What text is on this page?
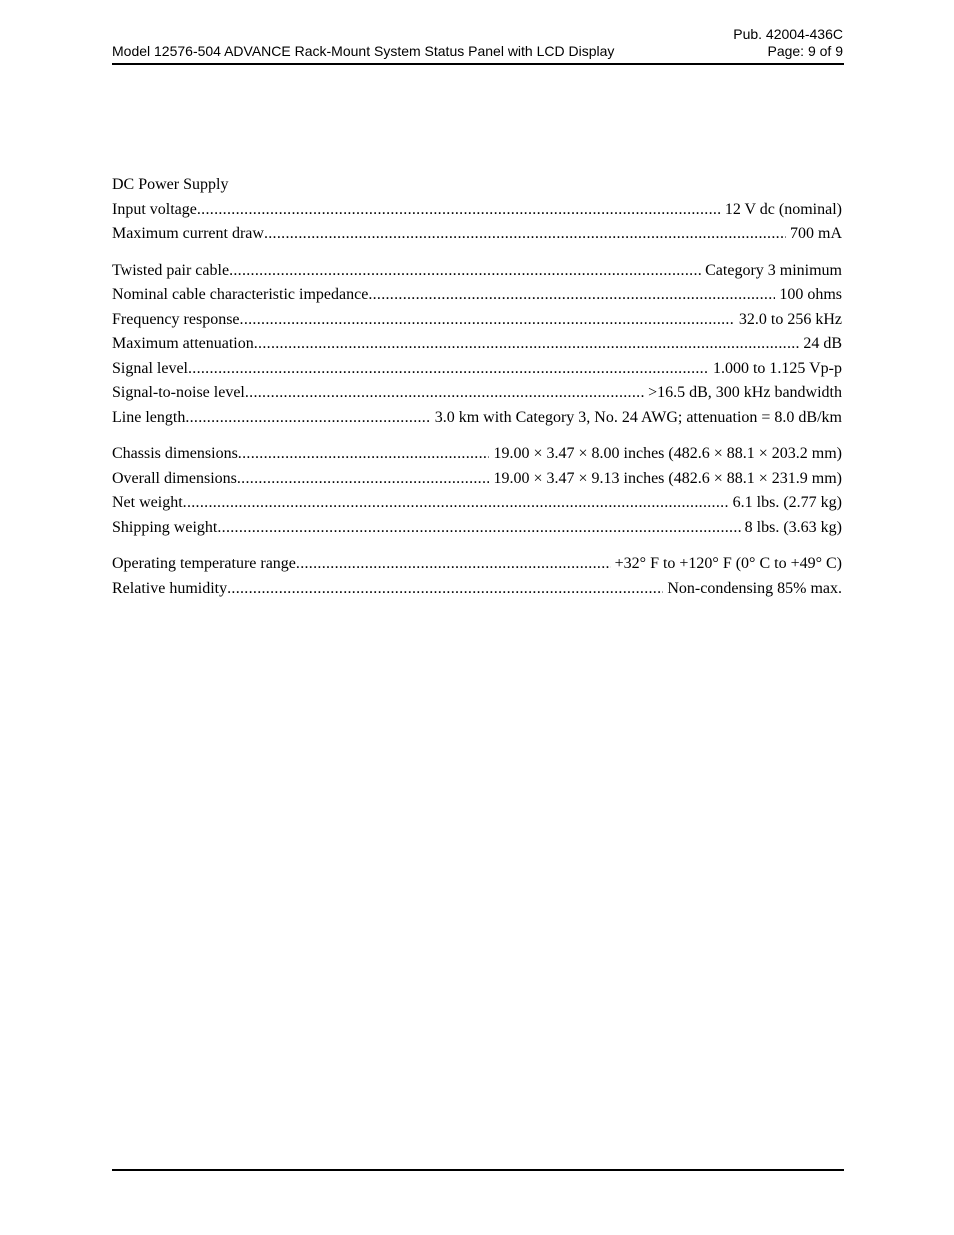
Pub. 42004-436C
Model 12576-504 ADVANCE Rack-Mount System Status Panel with LCD Display	Page: 9 of 9
DC Power Supply
Input voltage .....	12 V dc (nominal)
Maximum current draw .....	700 mA
Twisted pair cable .....	Category 3 minimum
Nominal cable characteristic impedance .....	100 ohms
Frequency response .....	32.0 to 256 kHz
Maximum attenuation .....	24 dB
Signal level .....	1.000 to 1.125 Vp-p
Signal-to-noise level .....	>16.5 dB, 300 kHz bandwidth
Line length .....	3.0 km with Category 3, No. 24 AWG; attenuation = 8.0 dB/km
Chassis dimensions .....	19.00 × 3.47 × 8.00 inches (482.6 × 88.1 × 203.2 mm)
Overall dimensions .....	19.00 × 3.47 × 9.13 inches (482.6 × 88.1 × 231.9 mm)
Net weight .....	6.1 lbs. (2.77 kg)
Shipping weight .....	8 lbs. (3.63 kg)
Operating temperature range .....	+32° F to +120° F (0° C to +49° C)
Relative humidity .....	Non-condensing 85% max.
